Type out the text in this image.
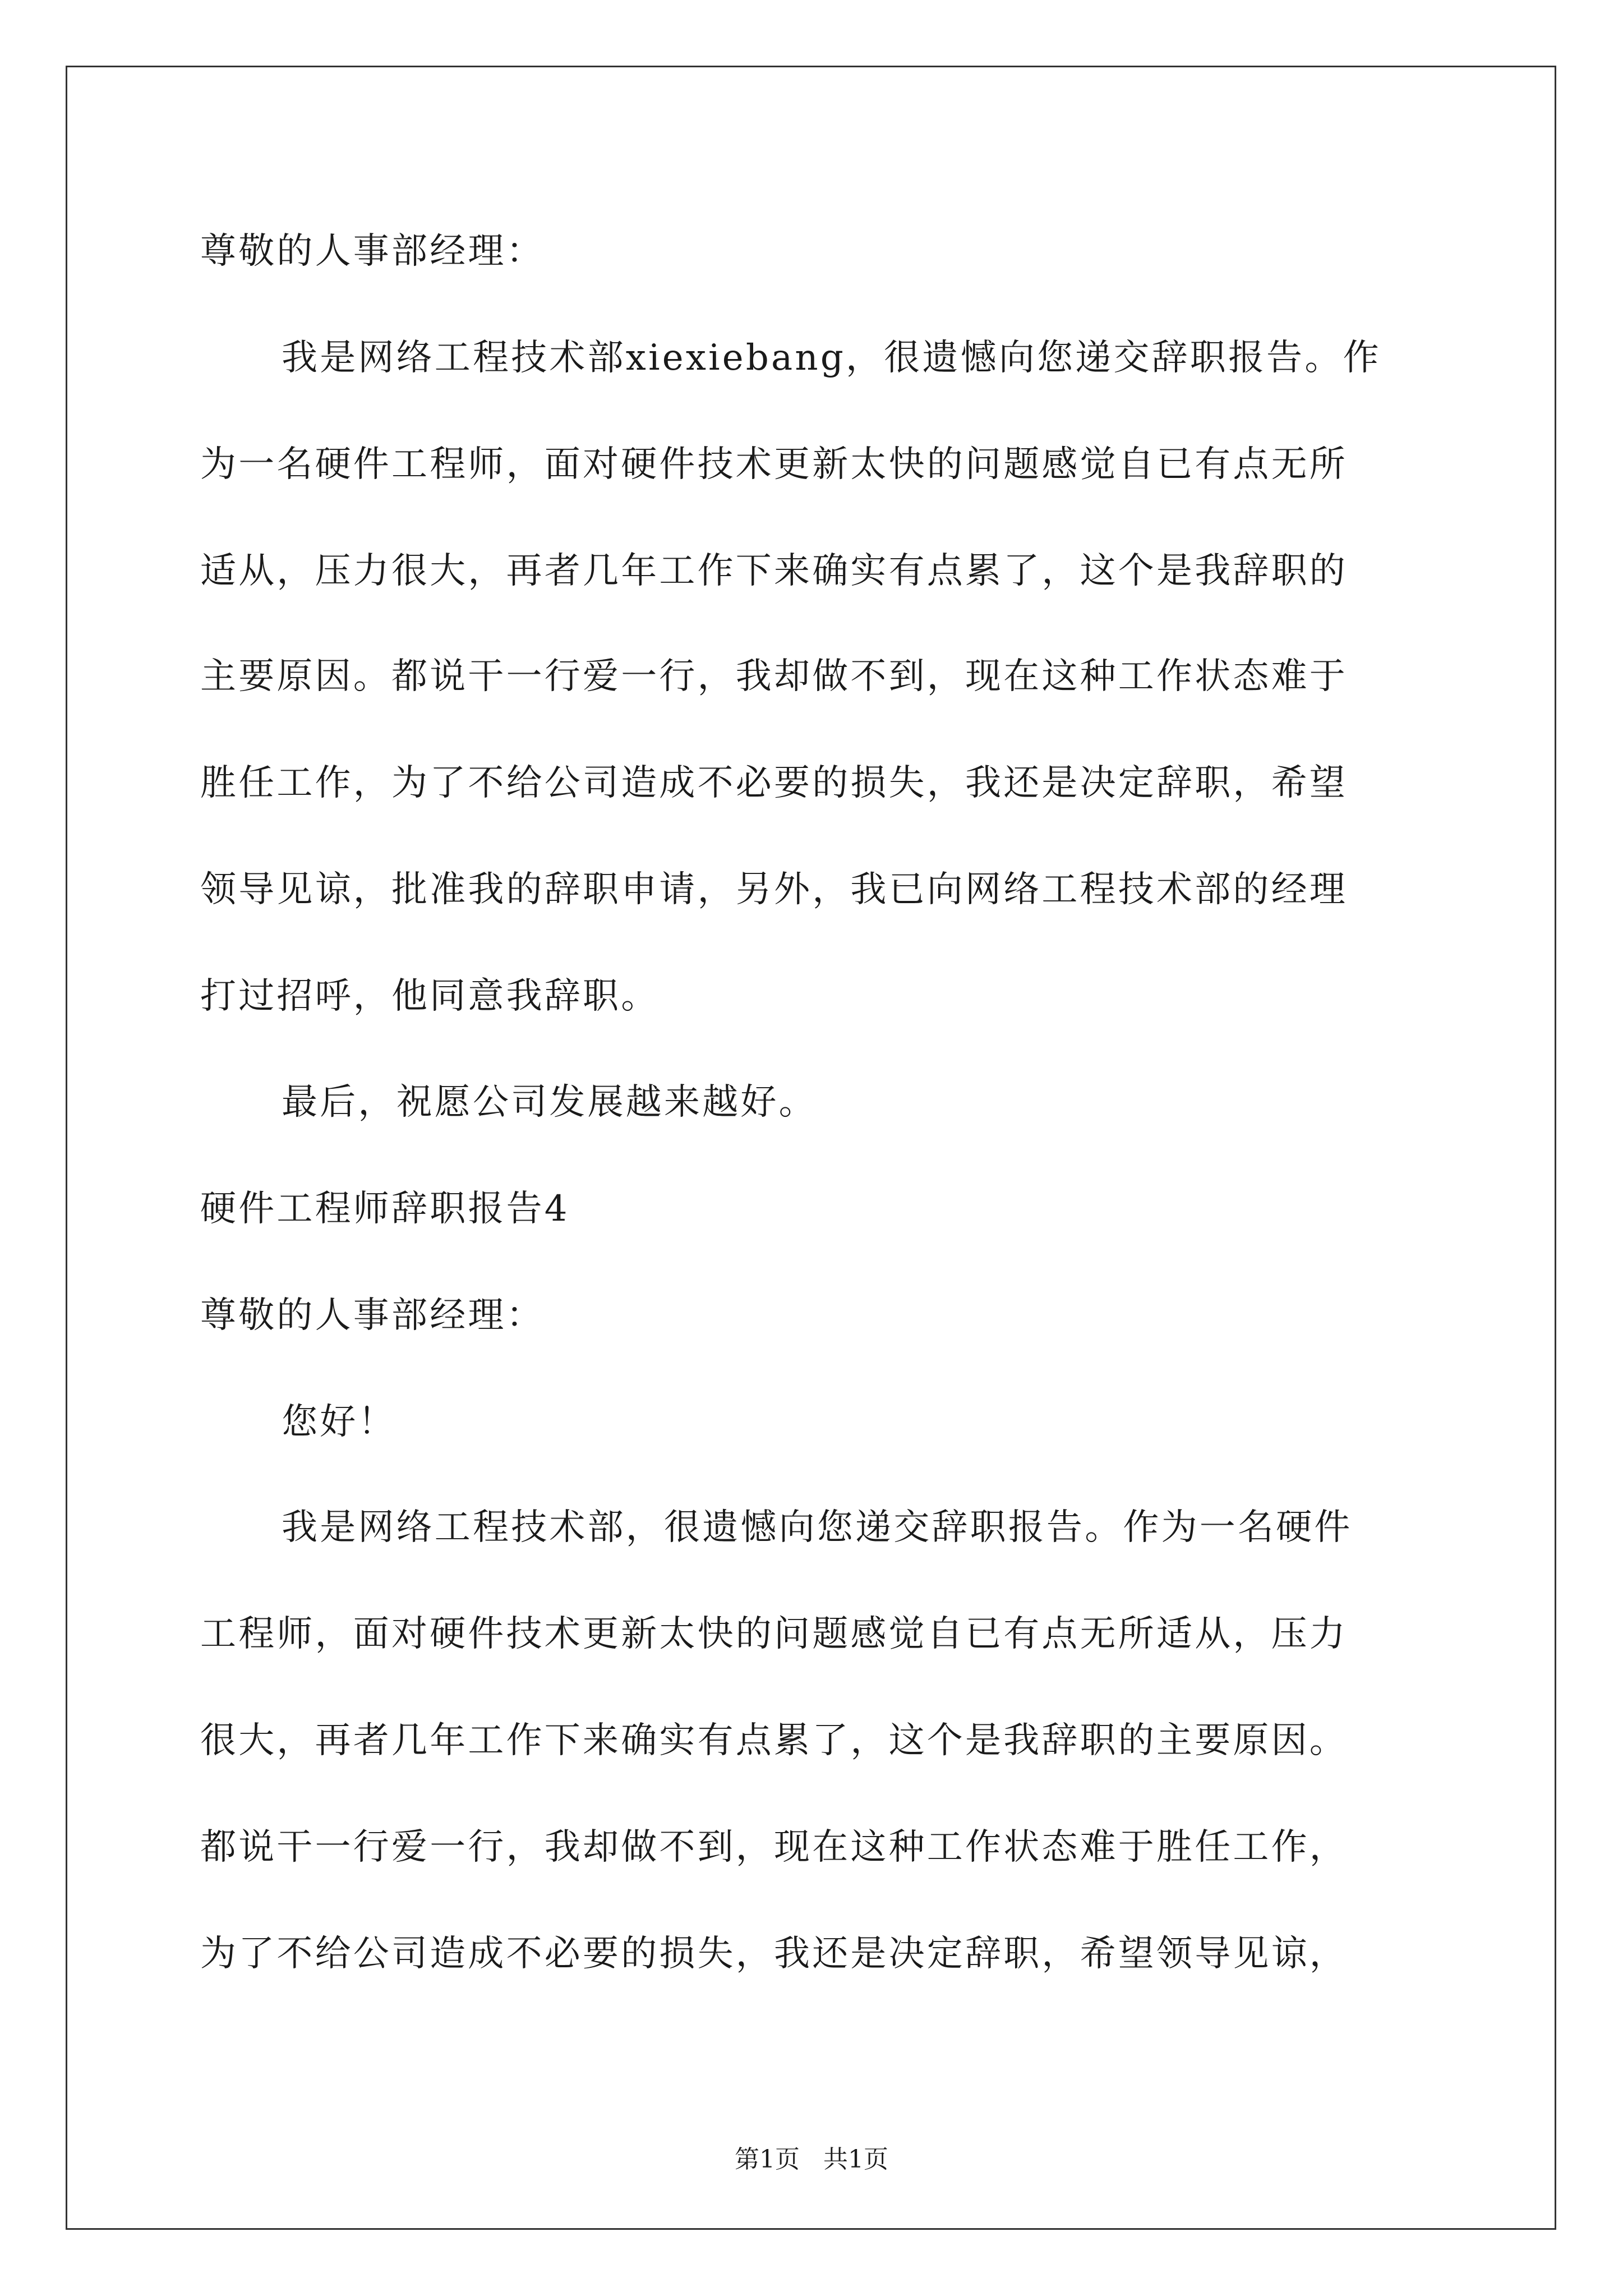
尊敬的人事部经理：
我是网络工程技术部xiexiebang，很遗憾向您递交辞职报告。作
为一名硬件工程师，面对硬件技术更新太快的问题感觉自已有点无所
适从，压力很大，再者几年工作下来确实有点累了，这个是我辞职的
主要原因。都说干一行爱一行，我却做不到，现在这种工作状态难于
胜任工作，为了不给公司造成不必要的损失，我还是决定辞职，希望
领导见谅，批准我的辞职申请，另外，我已向网络工程技术部的经理
打过招呼，他同意我辞职。
最后，祝愿公司发展越来越好。
硬件工程师辞职报告4
尊敬的人事部经理：
您好！
我是网络工程技术部，很遗憾向您递交辞职报告。作为一名硬件
工程师，面对硬件技术更新太快的问题感觉自已有点无所适从，压力
很大，再者几年工作下来确实有点累了，这个是我辞职的主要原因。
都说干一行爱一行，我却做不到，现在这种工作状态难于胜任工作，
为了不给公司造成不必要的损失，我还是决定辞职，希望领导见谅，
第1页   共1页
